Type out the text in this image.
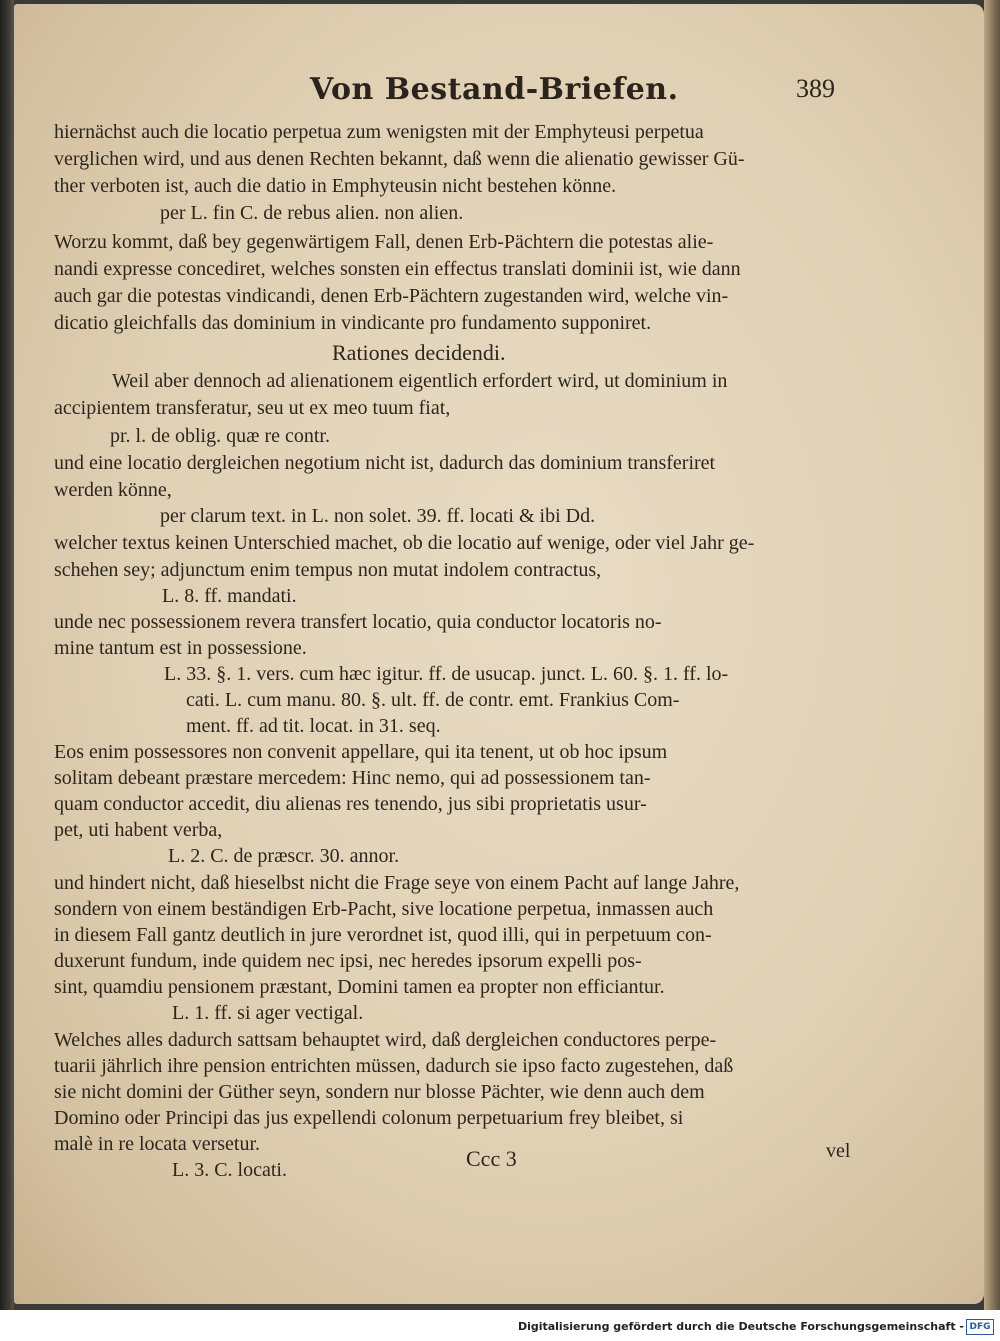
Von Bestand-Briefen.	389
hiernächst auch die locatio perpetua zum wenigsten mit der Emphyteusi perpetua
verglichen wird, und aus denen Rechten bekannt, daß wenn die alienatio gewisser Gü-
ther verboten ist, auch die datio in Emphyteusin nicht bestehen könne.
per L. fin C. de rebus alien. non alien.
Worzu kommt, daß bey gegenwärtigem Fall, denen Erb-Pächtern die potestas alie-
nandi expresse concediret, welches sonsten ein effectus translati dominii ist, wie dann
auch gar die potestas vindicandi, denen Erb-Pächtern zugestanden wird, welche vin-
dicatio gleichfalls das dominium in vindicante pro fundamento supponiret.
Rationes decidendi.
Weil aber dennoch ad alienationem eigentlich erfordert wird, ut dominium in
accipientem transferatur, seu ut ex meo tuum fiat,
pr. l. de oblig. quæ re contr.
und eine locatio dergleichen negotium nicht ist, dadurch das dominium transferiret
werden könne,
per clarum text. in L. non solet. 39. ff. locati & ibi Dd.
welcher textus keinen Unterschied machet, ob die locatio auf wenige, oder viel Jahr ge-
schehen sey; adjunctum enim tempus non mutat indolem contractus,
L. 8. ff. mandati.
unde nec possessionem revera transfert locatio, quia conductor locatoris no-
mine tantum est in possessione.
L. 33. §. 1. vers. cum hæc igitur. ff. de usucap. junct. L. 60. §. 1. ff. lo-
cati. L. cum manu. 80. §. ult. ff. de contr. emt. Frankius Com-
ment. ff. ad tit. locat. in 31. seq.
Eos enim possessores non convenit appellare, qui ita tenent, ut ob hoc ipsum
solitam debeant præstare mercedem: Hinc nemo, qui ad possessionem tan-
quam conductor accedit, diu alienas res tenendo, jus sibi proprietatis usur-
pet, uti habent verba,
L. 2. C. de præscr. 30. annor.
und hindert nicht, daß hieselbst nicht die Frage seye von einem Pacht auf lange Jahre,
sondern von einem beständigen Erb-Pacht, sive locatione perpetua, inmassen auch
in diesem Fall gantz deutlich in jure verordnet ist, quod illi, qui in perpetuum con-
duxerunt fundum, inde quidem nec ipsi, nec heredes ipsorum expelli pos-
sint, quamdiu pensionem præstant, Domini tamen ea propter non efficiantur.
L. 1. ff. si ager vectigal.
Welches alles dadurch sattsam behauptet wird, daß dergleichen conductores perpe-
tuarii jährlich ihre pension entrichten müssen, dadurch sie ipso facto zugestehen, daß
sie nicht domini der Güther seyn, sondern nur blosse Pächter, wie denn auch dem
Domino oder Principi das jus expellendi colonum perpetuarium frey bleibet, si
malè in re locata versetur.
L. 3. C. locati.	Ccc 3	vel
Digitalisierung gefördert durch die Deutsche Forschungsgemeinschaft - DFG
